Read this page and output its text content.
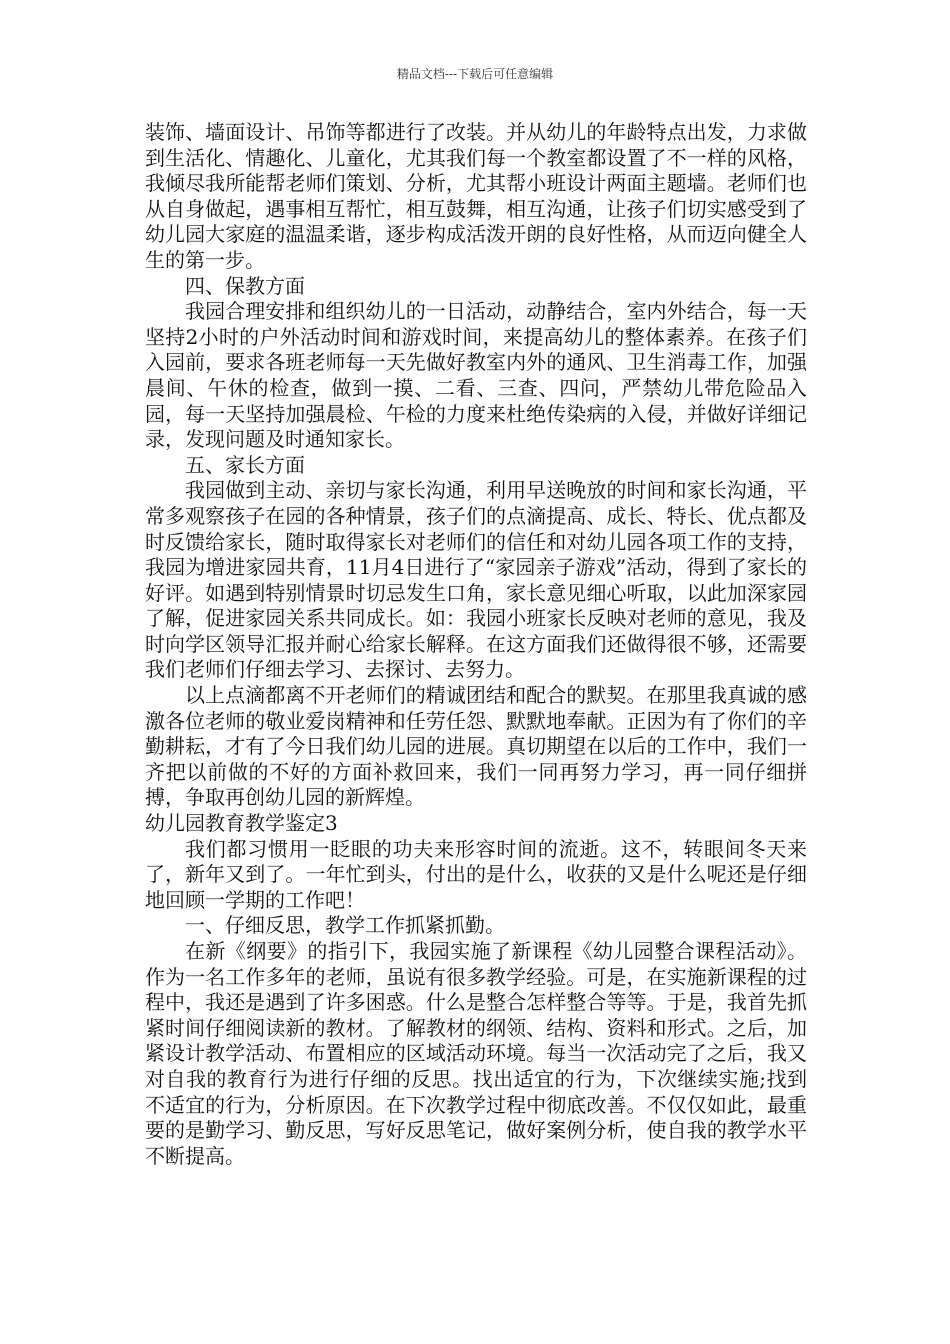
精品文档---下载后可任意编辑

装饰、墙面设计、吊饰等都进行了改装。并从幼儿的年龄特点出发，力求做到生活化、情趣化、儿童化，尤其我们每一个教室都设置了不一样的风格，我倾尽我所能帮老师们策划、分析，尤其帮小班设计两面主题墙。老师们也从自身做起，遇事相互帮忙，相互鼓舞，相互沟通，让孩子们切实感受到了幼儿园大家庭的温温柔谐，逐步构成活泼开朗的良好性格，从而迈向健全人生的第一步。

四、保教方面

我园合理安排和组织幼儿的一日活动，动静结合，室内外结合，每一天坚持2小时的户外活动时间和游戏时间，来提高幼儿的整体素养。在孩子们入园前，要求各班老师每一天先做好教室内外的通风、卫生消毒工作，加强晨间、午休的检查，做到一摸、二看、三查、四问，严禁幼儿带危险品入园，每一天坚持加强晨检、午检的力度来杜绝传染病的入侵，并做好详细记录，发现问题及时通知家长。

五、家长方面

我园做到主动、亲切与家长沟通，利用早送晚放的时间和家长沟通，平常多观察孩子在园的各种情景，孩子们的点滴提高、成长、特长、优点都及时反馈给家长，随时取得家长对老师们的信任和对幼儿园各项工作的支持，我园为增进家园共育，11月4日进行了“家园亲子游戏”活动，得到了家长的好评。如遇到特别情景时切忌发生口角，家长意见细心听取，以此加深家园了解，促进家园关系共同成长。如：我园小班家长反映对老师的意见，我及时向学区领导汇报并耐心给家长解释。在这方面我们还做得很不够，还需要我们老师们仔细去学习、去探讨、去努力。

以上点滴都离不开老师们的精诚团结和配合的默契。在那里我真诚的感激各位老师的敬业爱岗精神和任劳任怨、默默地奉献。正因为有了你们的辛勤耕耘，才有了今日我们幼儿园的进展。真切期望在以后的工作中，我们一齐把以前做的不好的方面补救回来，我们一同再努力学习，再一同仔细拼搏，争取再创幼儿园的新辉煌。

幼儿园教育教学鉴定3

我们都习惯用一眨眼的功夫来形容时间的流逝。这不，转眼间冬天来了，新年又到了。一年忙到头，付出的是什么，收获的又是什么呢还是仔细地回顾一学期的工作吧！

一、仔细反思，教学工作抓紧抓勤。

在新《纲要》的指引下，我园实施了新课程《幼儿园整合课程活动》。作为一名工作多年的老师，虽说有很多教学经验。可是，在实施新课程的过程中，我还是遇到了许多困惑。什么是整合怎样整合等等。于是，我首先抓紧时间仔细阅读新的教材。了解教材的纲领、结构、资料和形式。之后，加紧设计教学活动、布置相应的区域活动环境。每当一次活动完了之后，我又对自我的教育行为进行仔细的反思。找出适宜的行为，下次继续实施;找到不适宜的行为，分析原因。在下次教学过程中彻底改善。不仅仅如此，最重要的是勤学习、勤反思，写好反思笔记，做好案例分析，使自我的教学水平不断提高。
